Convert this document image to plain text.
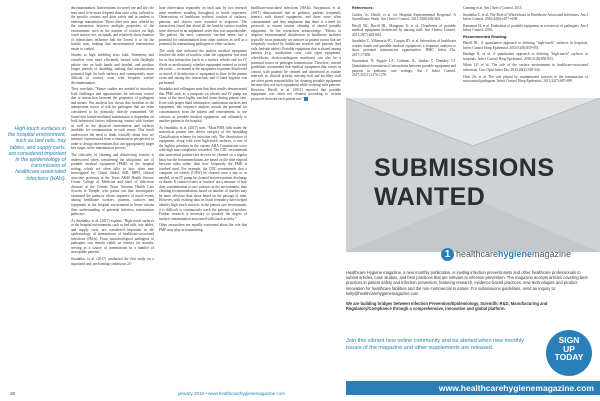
High-touch surfaces in the hospital environment, such as bed rails, tray tables, and supply carts, are considered important in the epidemiology of transmission of healthcare-associated infections (HAIs).

decontamination. Interventions for novel use and the role may need to be more frequent than once a day, tailored to the specific context, and done safely and in tandem to interrupt transmission. These offer new ones offered by the interaction between multiple properties of the environment, such as the number of touches on high touch station rice, on hands, and relatively short duration of interactions influence halt the lowest it to for the hostile runs, making that environmental transmission easier to control.

Studies to high shedding rises both. Numerous and countless even more efficiently treated with flashlight palette rise on both hands and bonded, and produce longer periods of shedding, making that transmissions potential high for both surfaces and consequently more difficult to control, even with frequent surface decontamination.

They conclude, "Future studies are needed to introduce both challenges and opportunities for infection control due to interaction between the properties of pathogens and means. Our analysis has shown that frontline as the animportant source of risk for pathogens that are often considered to be, primarily, directly transmitted. We found that fomite-mediated transmission is dependent on both behavioral factors influencing contact with fomites as well as the physical environment and surfaces available for contamination in each venue. This result underscores the need to think critically about how we measure characterized from a transmission perspective in order to design interventions that can appropriately target key stages in the transmission process."

The criticality of cleaning and disinfecting fomites is underscored when considering the ubiquitous use of portable medical equipment (PME) in the hospital setting, which are often fully to how often ease investigated by Christi Jindal, MD, MPH, clinical associate professor at the Texas A&M Health Science Center College of Medicine and chief of infectious diseases at the Central Texas Veterans Health Care System in Temple, who points out that investigators examined the pathway whose sequence of touch events among healthcare workers, patients, surfaces and equipment in the hospital environment to better inform their understanding of potential infection transmission pathways.

As Jinadatha, et al. (2017) explain, "High-touch surfaces in the hospital environment, such as bed rails, tray tables, and supply carts, are considered important in the epidemiology of transmission of healthcare-associated infections (HAIs). From microbiological pathogens to pathogens can remain viable on fomites for months, serving as a source of transmission in a number of susceptible patients."

Jinadatha, et al. (2017) conducted the first study on a stipulated unit, performing continuous 24-

hour observation separately on each unit by two research team members standing throughout to touch sequences. Observations of healthcare workers' touches of surfaces, patients, and objects were recorded in sequence. The researchers found that about all the hand-to-surface touches were directed in an unplanned order that was unpredictable. The patient, the most commonly touched items, but a potential for contamination from other surfaces as well as a potential for transmitting pathogens to other surfaces.

The study also indicated the authors medical equipment touched the order of touches; what the equipment was used for in that interaction (such as a surface vehicle and for IV fluids or medications); whether equipment entered or exited the room — recleaned at the equipment to patient disinfected or stored; if disinfection of equipment is done in the patient room and during this interaction; and if hand hygiene was performed.

Jinadatha and colleagues note that their results demonstrated that PME such as a computer on wheels and IV pump are some of the most highly touched items during patient care. Even with proper hand sanitization, sanitization surfaces and equipment, this sequence analysis reveals the potential for contamination from the patient and environment, to use contacts as portable medical equipment, and ultimately to another patient in the hospital.

As Jinadatha, et al. (2017) note, "Most PME falls under the noncritical patient care device category of the Spaulding Classification scheme for infection risk. The disinfection of equipment, along with even high-touch surfaces, is one of the highest priorities in the current AHA Commission score with high non-compliance rewarded. The CDC recommends that noncritical patient-care devices be cleaned on a regular basis but the recommendations are based on the time elapsed between tasks rather than how frequently the PME is touched used. For example, the CDC recommends that a computer on wheels (COW) be cleaned once a day or as needed, or an IV pump be cleaned between patient discharge or disuse. If contact events or 'touches' are a measure of how dirty contamination occurs surfaces in the environment, then cleaning recommendations based on number of touches may be more effective than those based on the passage of time. However, with existing data on touch frequency have helped identify high-touch surfaces in the patient care environment, it is difficult to continuously track the patterns of touches. Further research is necessary to quantify the degree of surface contamination associated with touch activity."

Other researchers are equally concerned about the role that PME may play in transmitting

healthcare-associated infections (HAIs). Suwantarat, et al. (2017) demonstrated that in pediatric patients frequently interact with shared equipment, and there were often contaminated, and they emphasize that there is a need for protocols to ensure routine cleaning of shared portable equipment. As the researchers acknowledge, "Efforts to improve environmental disinfection in healthcare facilities typically focus primarily on surfaces in patient rooms that are frequently touched by healthcare workers and patients (bed rails, bedside tables). Portable equipment that is shared among patients (e.g., medication carts, vital signs equipment, wheelchairs, electrocardiogram machines) can also be a potential source of pathogen transmission. Therefore, current guidelines recommend that medical equipment that comes in contact with patients be cleaned and disinfected at routine intervals or, clinical priority, nursing staff and ancillary staff are often given responsibility for cleaning portable equipment because they use such equipment while working with patients. However, Havill, et al. (2011) reported that portable equipment was often not cleaned according to written protocols between each patient use."

References:

Cordes, Jr., Havill, et al. for Hospital Environmental Response: A Surveillance Study. Am J Infect Control. 2011;39(8):602-604.

Havill NL, Havill HL, Mangione E, et al. Cleanliness of portable medical equipment disinfected by nursing staff. Am J Infect Control. 2011;39(7):602-604.

Jinadatha C, Villamaria FC, Coppin JD, et al. Interaction of healthcare worker hands and portable medical equipment: a sequence analysis to show potential transmission opportunities. BMC Infect Dis. 2017;17:800.

Suwantarat N, Supple LA, Cadnum JL, Sankar T, Donskey CJ. Quantitative assessment of interactions between portable equipment and patients in pediatric care settings. Am J Infect Control. 2017;45(11):1276-1278.

Canning et al. Am J Infect Control. 2015.

Jinadatha C, et al. The Role of Wheelchairs in Healthcare Associated Infections. Am J Infect Control. 2016;44(6):e107-e108.

Kanamori H, et al. Evaluation of portable equipment as a reservoir of pathogens. Am J Infect Control. 2016.

Recommended Reading:

Havill NL. A quantitative approach to defining "high-touch" surfaces in hospitals. Infect Control Hosp Epidemiol. 2010;31(8):850-853.

Huslage K, et al. A quantitative approach to defining "high-touch" surfaces in hospitals. Infect Control Hosp Epidemiol. 2010;31(8):850-853.

White LF, et al. The role of the surface environment in healthcare-associated infections. Curr Opin Infect Dis. 2013;26(4):338-344.

Otter JA, et al. The role played by contaminated surfaces in the transmission of nosocomial pathogens. Infect Control Hosp Epidemiol. 2011;32(7):687-699.

28	january 2018 • www.healthcarehygienemagazine.com
SUBMISSIONS WANTED
1 healthcarehygienemagazine

Healthcare Hygiene magazine, a new monthly publication, is inviting infection preventionists and other healthcare professionals to submit articles, case studies, and best practices that are relevant to infection prevention. The magazine accepts articles covering best practices in patient safety and infection prevention, featuring research, evidence-based practices, new technologies and product innovation for healthcare facilities and the non-commercial in nature. For submissions guidelines, send an inquiry to: kelly@healthcarehygienemagazine.com

We are building bridges between Infection Prevention/Epidemiology, Scientific R&D, Manufacturing and Regulatory/Compliance through a comprehensive, innovative and global platform.

Join this vibrant new online community and be alerted when new monthly issues of the magazine and other supplements are released.
SIGN
UP
TODAY
www.healthcarehygienemagazine.com
